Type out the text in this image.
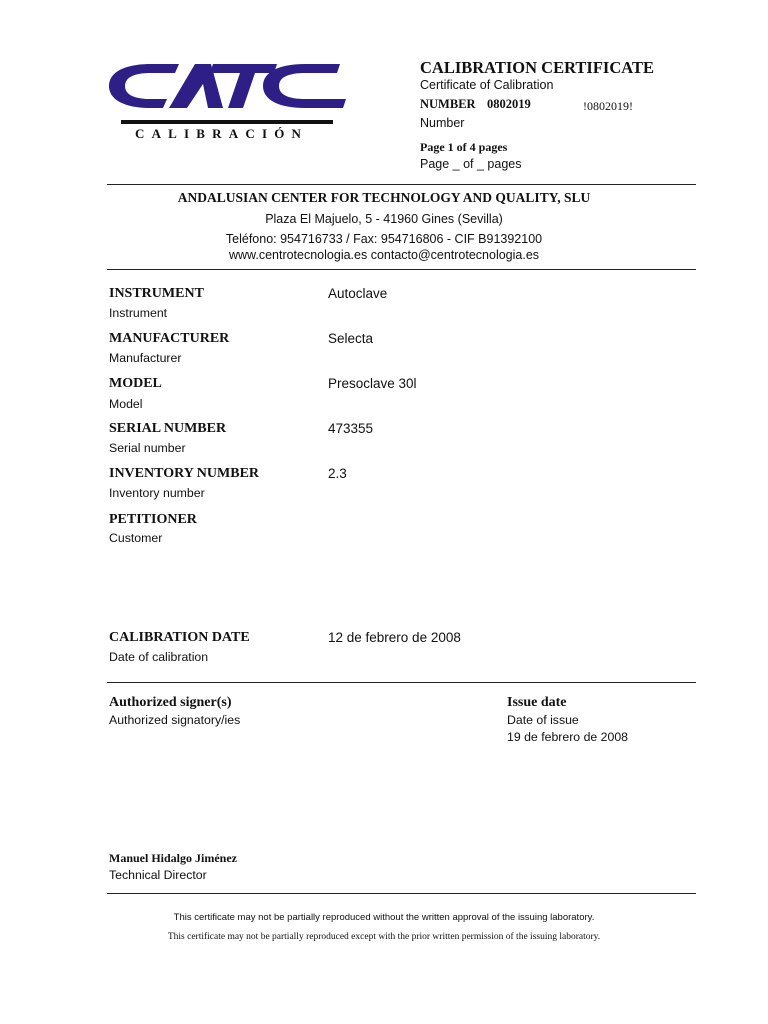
CALIBRACIÓN
CALIBRATION CERTIFICATE
Certificate of Calibration
NUMBER 0802019	!0802019!
Number
Page 1 of 4 pages
Page _ of _ pages
ANDALUSIAN CENTER FOR TECHNOLOGY AND QUALITY, SLU
Plaza El Majuelo, 5 - 41960 Gines (Sevilla)
Teléfono: 954716733 / Fax: 954716806 - CIF B91392100
www.centrotecnologia.es contacto@centrotecnologia.es
INSTRUMENT
Instrument
Autoclave
MANUFACTURER
Manufacturer
Selecta
MODEL
Model
Presoclave 30l
SERIAL NUMBER
Serial number
473355
INVENTORY NUMBER
Inventory number
2.3
PETITIONER
Customer
CALIBRATION DATE
Date of calibration
12 de febrero de 2008
Authorized signer(s)
Authorized signatory/ies
Issue date
Date of issue
19 de febrero de 2008
Manuel Hidalgo Jiménez
Technical Director
This certificate may not be partially reproduced without the written approval of the issuing laboratory.
This certificate may not be partially reproduced except with the prior written permission of the issuing laboratory.
